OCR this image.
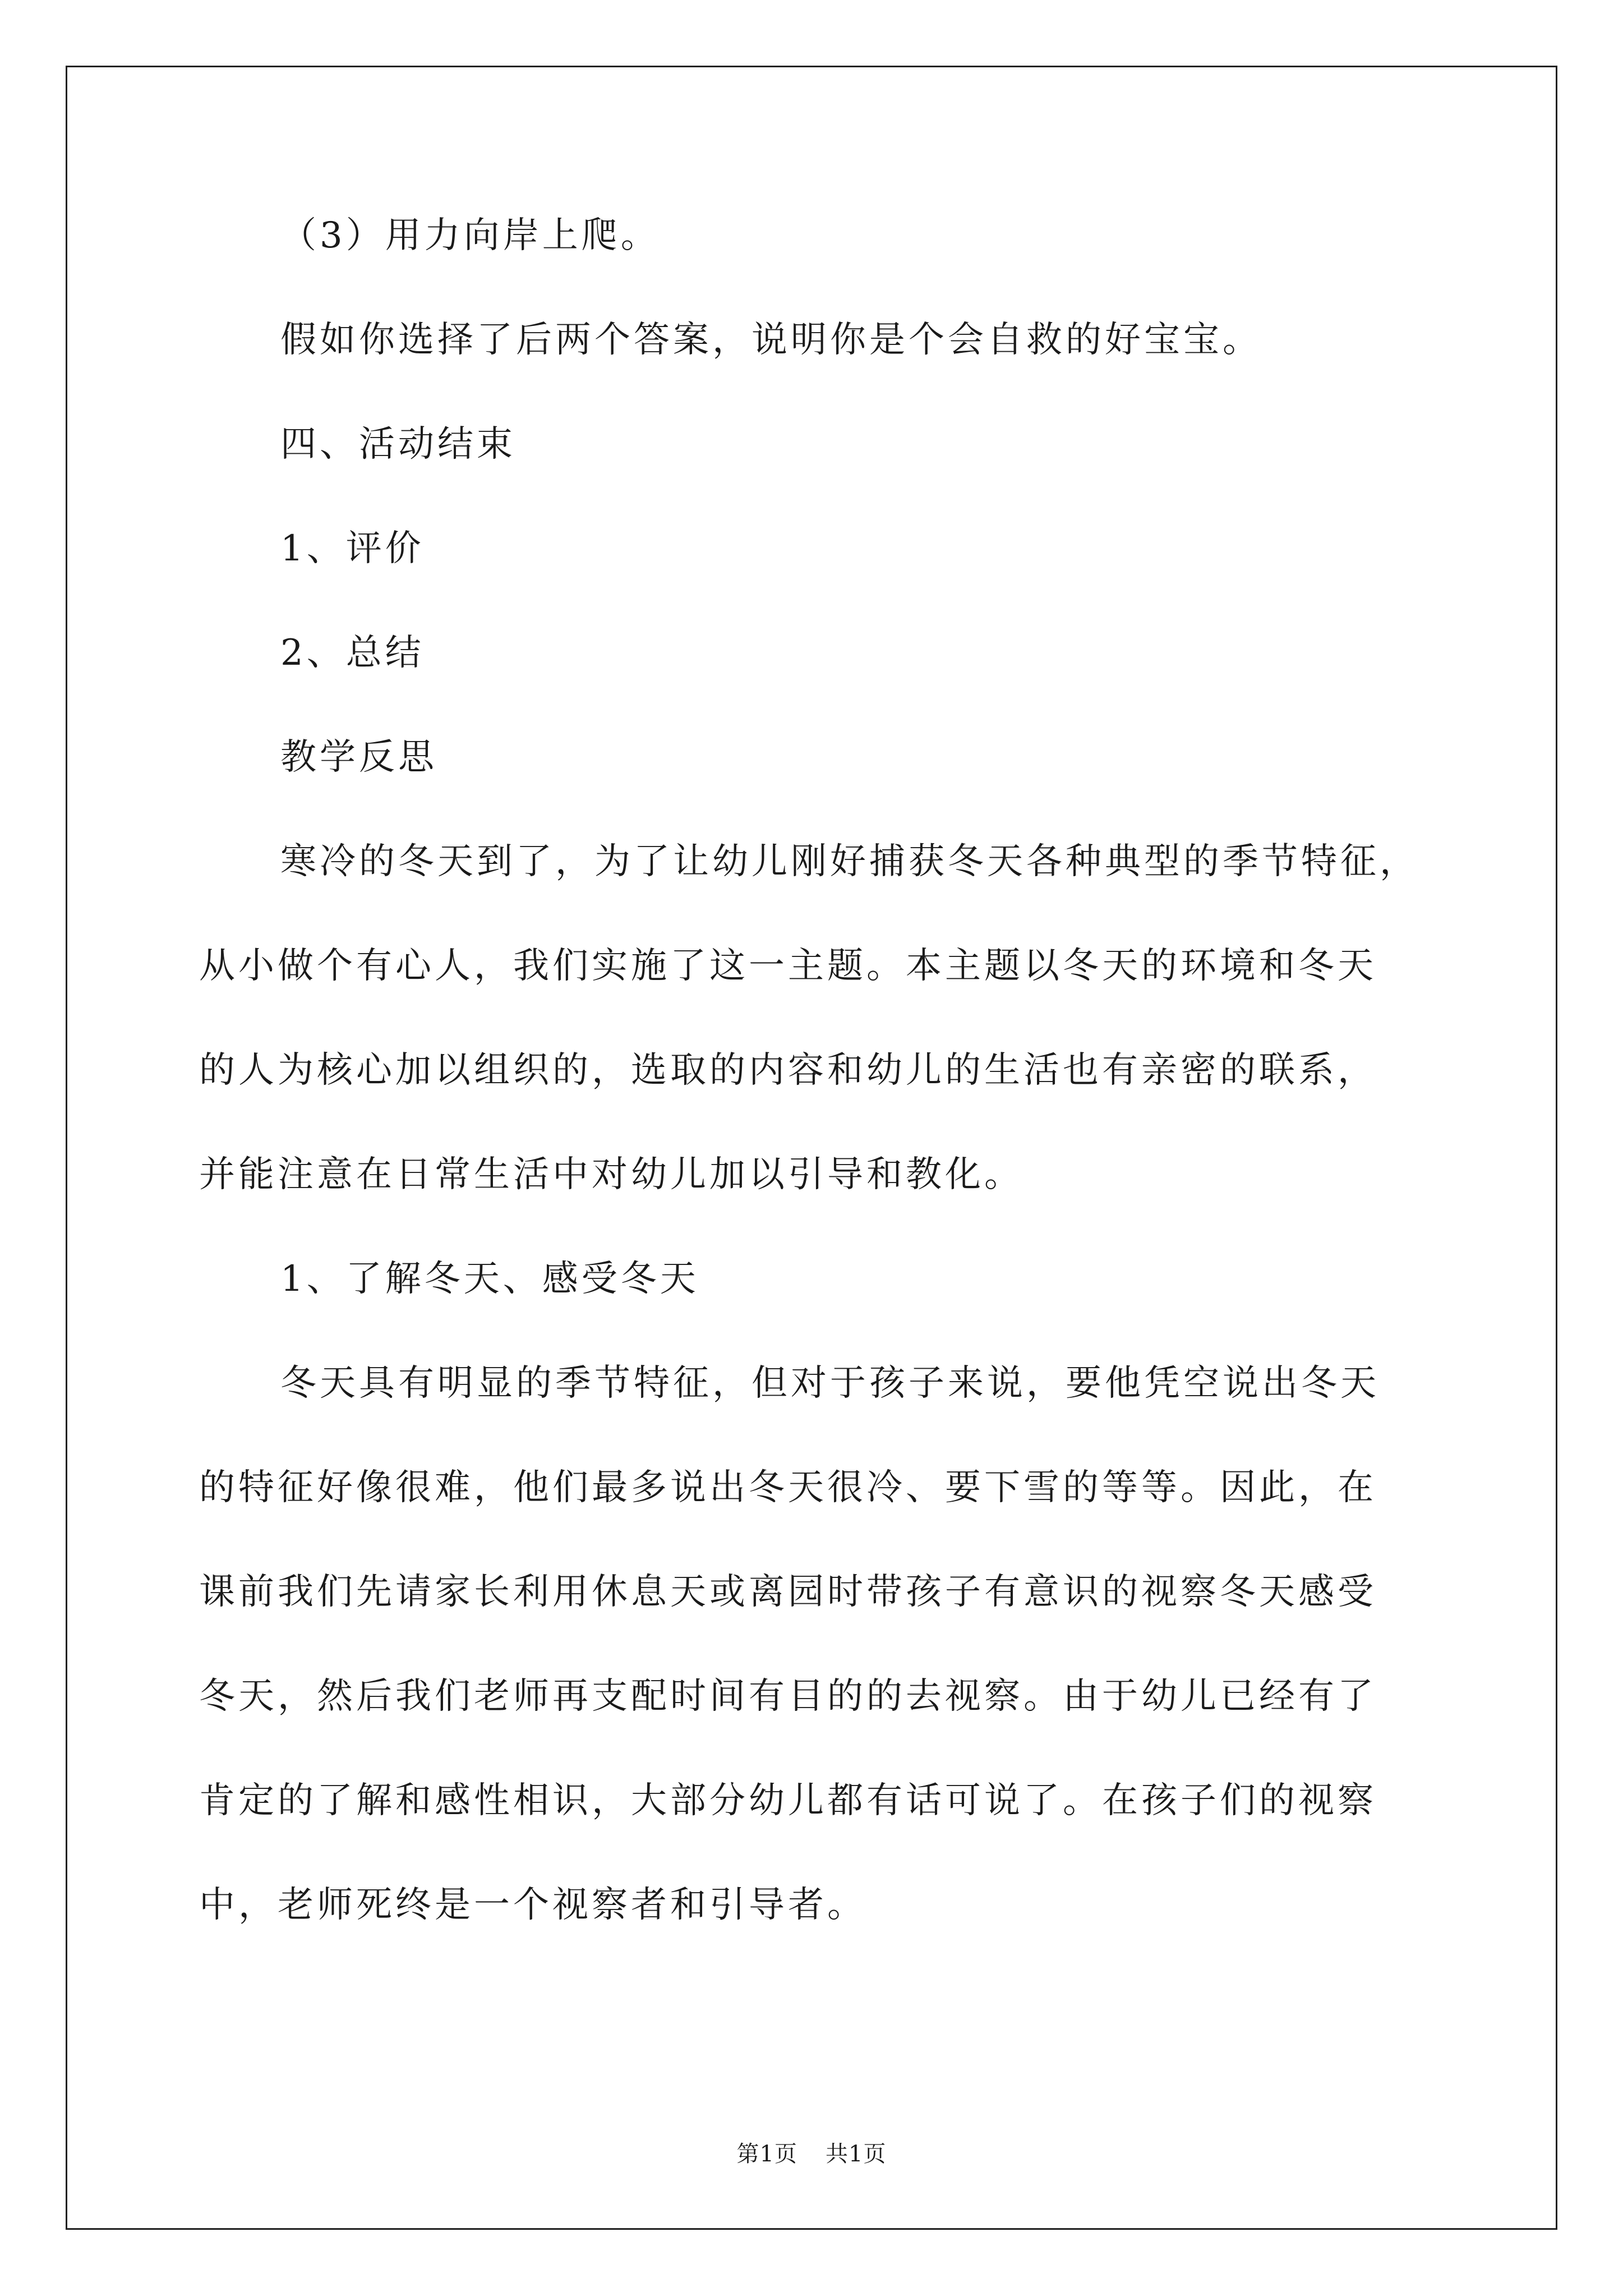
（3）用力向岸上爬。
假如你选择了后两个答案，说明你是个会自救的好宝宝。
四、活动结束
1、评价
2、总结
教学反思
寒冷的冬天到了，为了让幼儿刚好捕获冬天各种典型的季节特征，
从小做个有心人，我们实施了这一主题。本主题以冬天的环境和冬天
的人为核心加以组织的，选取的内容和幼儿的生活也有亲密的联系，
并能注意在日常生活中对幼儿加以引导和教化。
1、了解冬天、感受冬天
冬天具有明显的季节特征，但对于孩子来说，要他凭空说出冬天
的特征好像很难，他们最多说出冬天很冷、要下雪的等等。因此，在
课前我们先请家长利用休息天或离园时带孩子有意识的视察冬天感受
冬天，然后我们老师再支配时间有目的的去视察。由于幼儿已经有了
肯定的了解和感性相识，大部分幼儿都有话可说了。在孩子们的视察
中，老师死终是一个视察者和引导者。
第1页 共1页
